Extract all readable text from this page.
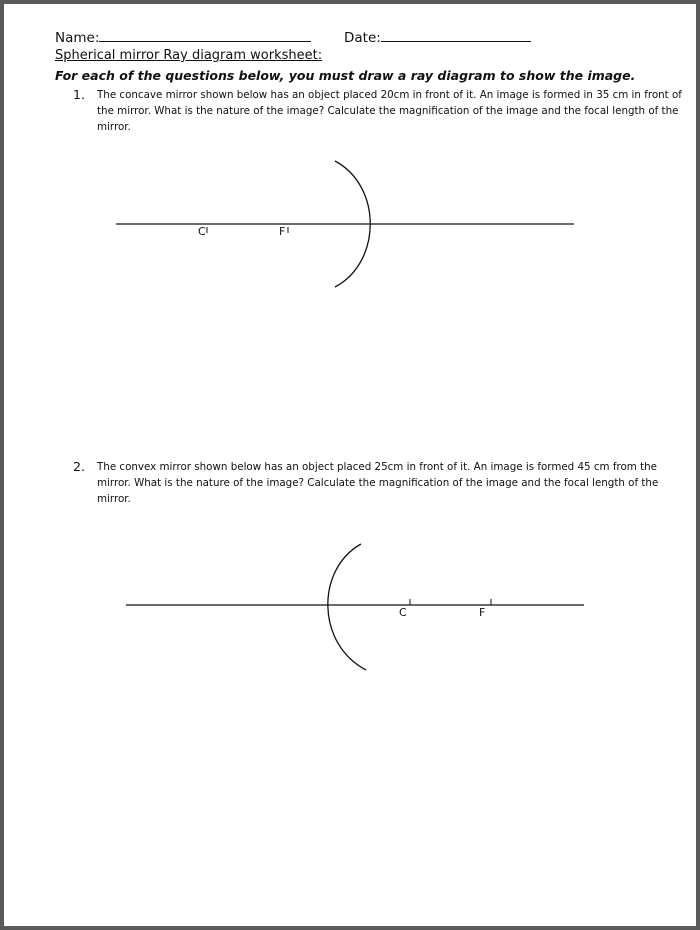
Name:	Date:
Spherical mirror Ray diagram worksheet:
For each of the questions below, you must draw a ray diagram to show the image.
1. The concave mirror shown below has an object placed 20cm in front of it. An image is formed in 35 cm in front of the mirror. What is the nature of the image? Calculate the magnification of the image and the focal length of the mirror.
2. The convex mirror shown below has an object placed 25cm in front of it. An image is formed 45 cm from the mirror. What is the nature of the image? Calculate the magnification of the image and the focal length of the mirror.
C	F
C	F
